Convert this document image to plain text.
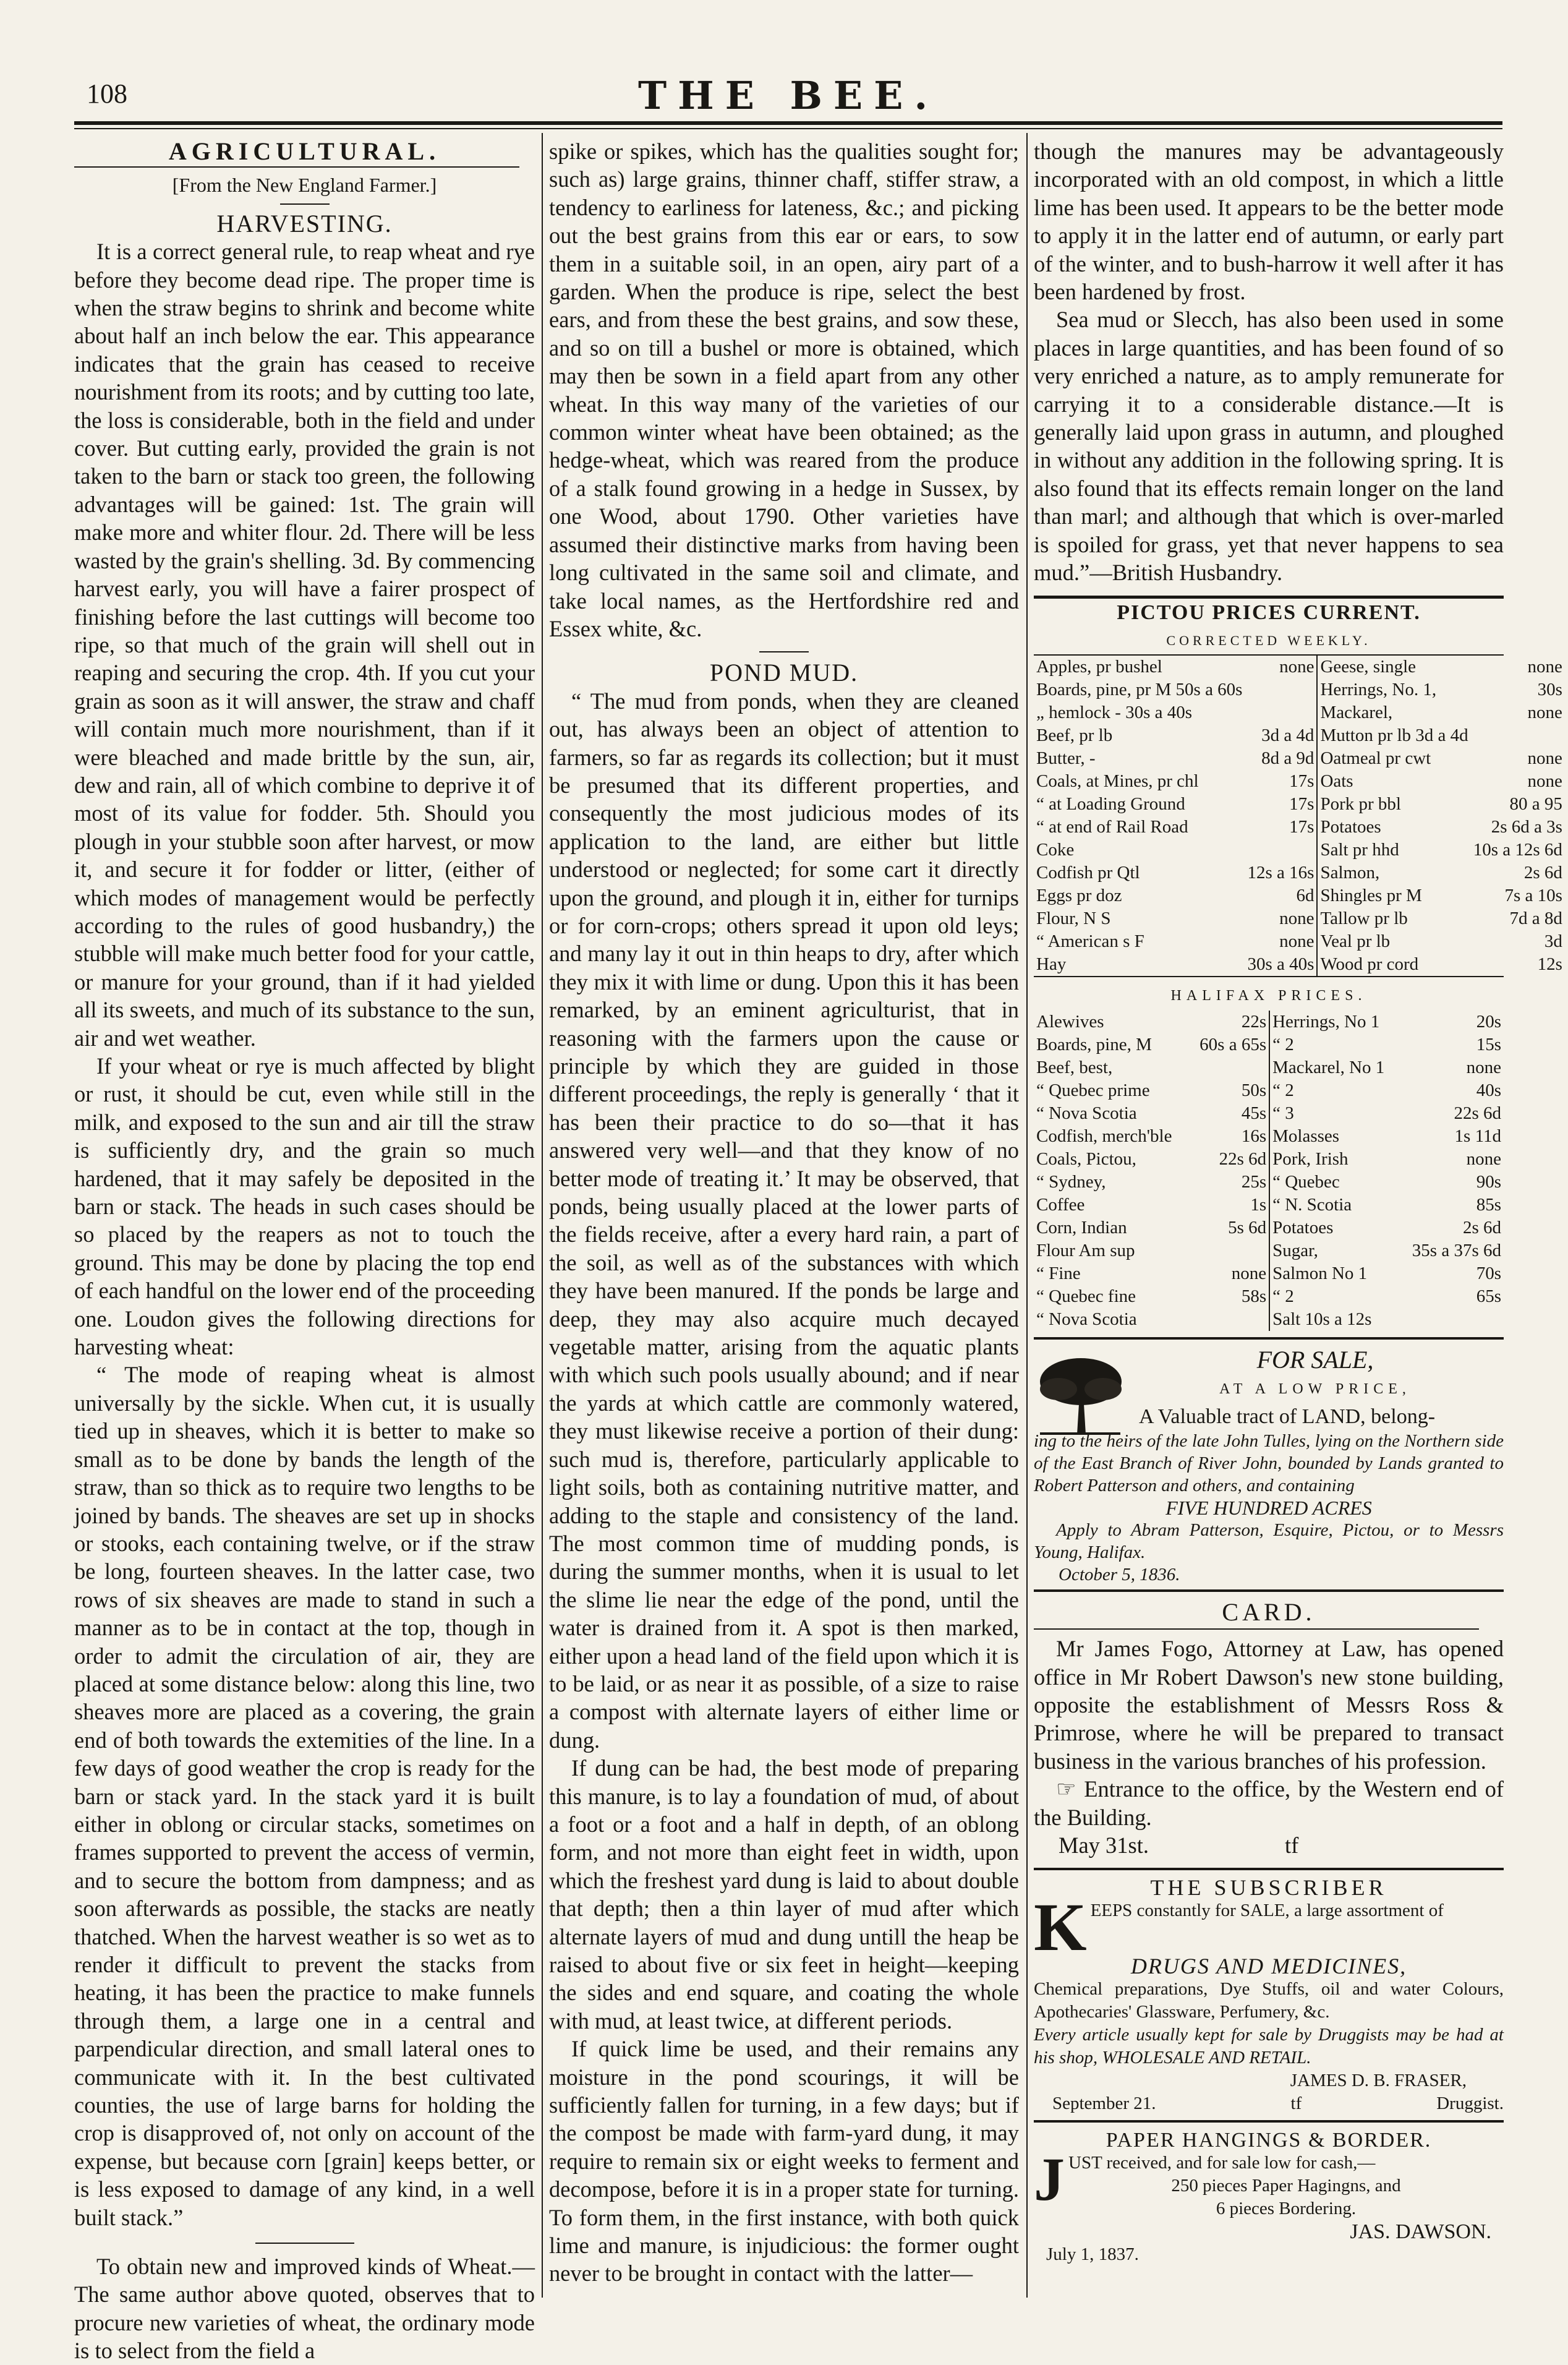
108	THE BEE.

AGRICULTURAL.

[From the New England Farmer.]

HARVESTING.

It is a correct general rule, to reap wheat and rye before they become dead ripe. The proper time is when the straw begins to shrink and become white about half an inch below the ear. This appearance indicates that the grain has ceased to receive nourishment from its roots; and by cutting too late, the loss is considerable, both in the field and under cover. But cutting early, provided the grain is not taken to the barn or stack too green, the following advantages will be gained: 1st. The grain will make more and whiter flour. 2d. There will be less wasted by the grain's shelling. 3d. By commencing harvest early, you will have a fairer prospect of finishing before the last cuttings will become too ripe, so that much of the grain will shell out in reaping and securing the crop. 4th. If you cut your grain as soon as it will answer, the straw and chaff will contain much more nourishment, than if it were bleached and made brittle by the sun, air, dew and rain, all of which combine to deprive it of most of its value for fodder. 5th. Should you plough in your stubble soon after harvest, or mow it, and secure it for fodder or litter, (either of which modes of management would be perfectly according to the rules of good husbandry,) the stubble will make much better food for your cattle, or manure for your ground, than if it had yielded all its sweets, and much of its substance to the sun, air and wet weather.

If your wheat or rye is much affected by blight or rust, it should be cut, even while still in the milk, and exposed to the sun and air till the straw is sufficiently dry, and the grain so much hardened, that it may safely be deposited in the barn or stack. The heads in such cases should be so placed by the reapers as not to touch the ground. This may be done by placing the top end of each handful on the lower end of the proceeding one. Loudon gives the following directions for harvesting wheat:

“ The mode of reaping wheat is almost universally by the sickle. When cut, it is usually tied up in sheaves, which it is better to make so small as to be done by bands the length of the straw, than so thick as to require two lengths to be joined by bands. The sheaves are set up in shocks or stooks, each containing twelve, or if the straw be long, fourteen sheaves. In the latter case, two rows of six sheaves are made to stand in such a manner as to be in contact at the top, though in order to admit the circulation of air, they are placed at some distance below: along this line, two sheaves more are placed as a covering, the grain end of both towards the extemities of the line. In a few days of good weather the crop is ready for the barn or stack yard. In the stack yard it is built either in oblong or circular stacks, sometimes on frames supported to prevent the access of vermin, and to secure the bottom from dampness; and as soon afterwards as possible, the stacks are neatly thatched. When the harvest weather is so wet as to render it difficult to prevent the stacks from heating, it has been the practice to make funnels through them, a large one in a central and parpendicular direction, and small lateral ones to communicate with it. In the best cultivated counties, the use of large barns for holding the crop is disapproved of, not only on account of the expense, but because corn [grain] keeps better, or is less exposed to damage of any kind, in a well built stack.”

To obtain new and improved kinds of Wheat.—The same author above quoted, observes that to procure new varieties of wheat, the ordinary mode is to select from the field a

spike or spikes, which has the qualities sought for; such as) large grains, thinner chaff, stiffer straw, a tendency to earliness for lateness, &c.; and picking out the best grains from this ear or ears, to sow them in a suitable soil, in an open, airy part of a garden. When the produce is ripe, select the best ears, and from these the best grains, and sow these, and so on till a bushel or more is obtained, which may then be sown in a field apart from any other wheat. In this way many of the varieties of our common winter wheat have been obtained; as the hedge-wheat, which was reared from the produce of a stalk found growing in a hedge in Sussex, by one Wood, about 1790. Other varieties have assumed their distinctive marks from having been long cultivated in the same soil and climate, and take local names, as the Hertfordshire red and Essex white, &c.

POND MUD.

“ The mud from ponds, when they are cleaned out, has always been an object of attention to farmers, so far as regards its collection; but it must be presumed that its different properties, and consequently the most judicious modes of its application to the land, are either but little understood or neglected; for some cart it directly upon the ground, and plough it in, either for turnips or for corn-crops; others spread it upon old leys; and many lay it out in thin heaps to dry, after which they mix it with lime or dung. Upon this it has been remarked, by an eminent agriculturist, that in reasoning with the farmers upon the cause or principle by which they are guided in those different proceedings, the reply is generally ‘ that it has been their practice to do so—that it has answered very well—and that they know of no better mode of treating it.’ It may be observed, that ponds, being usually placed at the lower parts of the fields receive, after a every hard rain, a part of the soil, as well as of the substances with which they have been manured. If the ponds be large and deep, they may also acquire much decayed vegetable matter, arising from the aquatic plants with which such pools usually abound; and if near the yards at which cattle are commonly watered, they must likewise receive a portion of their dung: such mud is, therefore, particularly applicable to light soils, both as containing nutritive matter, and adding to the staple and consistency of the land. The most common time of mudding ponds, is during the summer months, when it is usual to let the slime lie near the edge of the pond, until the water is drained from it. A spot is then marked, either upon a head land of the field upon which it is to be laid, or as near it as possible, of a size to raise a compost with alternate layers of either lime or dung.

If dung can be had, the best mode of preparing this manure, is to lay a foundation of mud, of about a foot or a foot and a half in depth, of an oblong form, and not more than eight feet in width, upon which the freshest yard dung is laid to about double that depth; then a thin layer of mud after which alternate layers of mud and dung untill the heap be raised to about five or six feet in height—keeping the sides and end square, and coating the whole with mud, at least twice, at different periods.

If quick lime be used, and their remains any moisture in the pond scourings, it will be sufficiently fallen for turning, in a few days; but if the compost be made with farm-yard dung, it may require to remain six or eight weeks to ferment and decompose, before it is in a proper state for turning. To form them, in the first instance, with both quick lime and manure, is injudicious: the former ought never to be brought in contact with the latter—

though the manures may be advantageously incorporated with an old compost, in which a little lime has been used. It appears to be the better mode to apply it in the latter end of autumn, or early part of the winter, and to bush-harrow it well after it has been hardened by frost.

Sea mud or Slecch, has also been used in some places in large quantities, and has been found of so very enriched a nature, as to amply remunerate for carrying it to a considerable distance.—It is generally laid upon grass in autumn, and ploughed in without any addition in the following spring. It is also found that its effects remain longer on the land than marl; and although that which is over-marled is spoiled for grass, yet that never happens to sea mud.”—British Husbandry.

PICTOU PRICES CURRENT.

CORRECTED WEEKLY.

Apples, pr bushel	none	Geese, single	none
Boards, pine, pr M 50s a 60s		Herrings, No. 1,	30s
„ hemlock - 30s a 40s		Mackarel,	none
Beef, pr lb	3d a 4d	Mutton pr lb 3d a 4d	
Butter, -	8d a 9d	Oatmeal pr cwt	none
Coals, at Mines, pr chl	17s	Oats	none
“ at Loading Ground	17s	Pork pr bbl	80 a 95
“ at end of Rail Road	17s	Potatoes	2s 6d a 3s
Coke		Salt pr hhd	10s a 12s 6d
Codfish pr Qtl	12s a 16s	Salmon,	2s 6d
Eggs pr doz	6d	Shingles pr M	7s a 10s
Flour, N S	none	Tallow pr lb	7d a 8d
“ American s F	none	Veal pr lb	3d
Hay	30s a 40s	Wood pr cord	12s

HALIFAX PRICES.

Alewives	22s	Herrings, No 1	20s
Boards, pine, M	60s a 65s	“ 2	15s
Beef, best,		Mackarel, No 1	none
“ Quebec prime	50s	“ 2	40s
“ Nova Scotia	45s	“ 3	22s 6d
Codfish, merch'ble	16s	Molasses	1s 11d
Coals, Pictou,	22s 6d	Pork, Irish	none
“ Sydney,	25s	“ Quebec	90s
Coffee	1s	“ N. Scotia	85s
Corn, Indian	5s 6d	Potatoes	2s 6d
Flour Am sup		Sugar,	35s a 37s 6d
“ Fine	none	Salmon No 1	70s
“ Quebec fine	58s	“ 2	65s
“ Nova Scotia		Salt 10s a 12s	
FOR SALE,
AT A LOW PRICE,
A Valuable tract of LAND, belong-

ing to the heirs of the late John Tulles, lying on the Northern side of the East Branch of River John, bounded by Lands granted to Robert Patterson and others, and containing

FIVE HUNDRED ACRES

Apply to Abram Patterson, Esquire, Pictou, or to Messrs Young, Halifax.

October 5, 1836.

CARD.

Mr James Fogo, Attorney at Law, has opened office in Mr Robert Dawson's new stone building, opposite the establishment of Messrs Ross & Primrose, where he will be prepared to transact business in the various branches of his profession.

☞ Entrance to the office, by the Western end of the Building.

May 31st.	tf

THE SUBSCRIBER

K EEPS constantly for SALE, a large assortment of

DRUGS AND MEDICINES,

Chemical preparations, Dye Stuffs, oil and water Colours, Apothecaries' Glassware, Perfumery, &c.

Every article usually kept for sale by Druggists may be had at his shop, WHOLESALE AND RETAIL.

JAMES D. B. FRASER,

September 21.	tf	Druggist.

PAPER HANGINGS & BORDER.

J UST received, and for sale low for cash,—

250 pieces Paper Hagingns, and

6 pieces Bordering.

JAS. DAWSON.

July 1, 1837.
